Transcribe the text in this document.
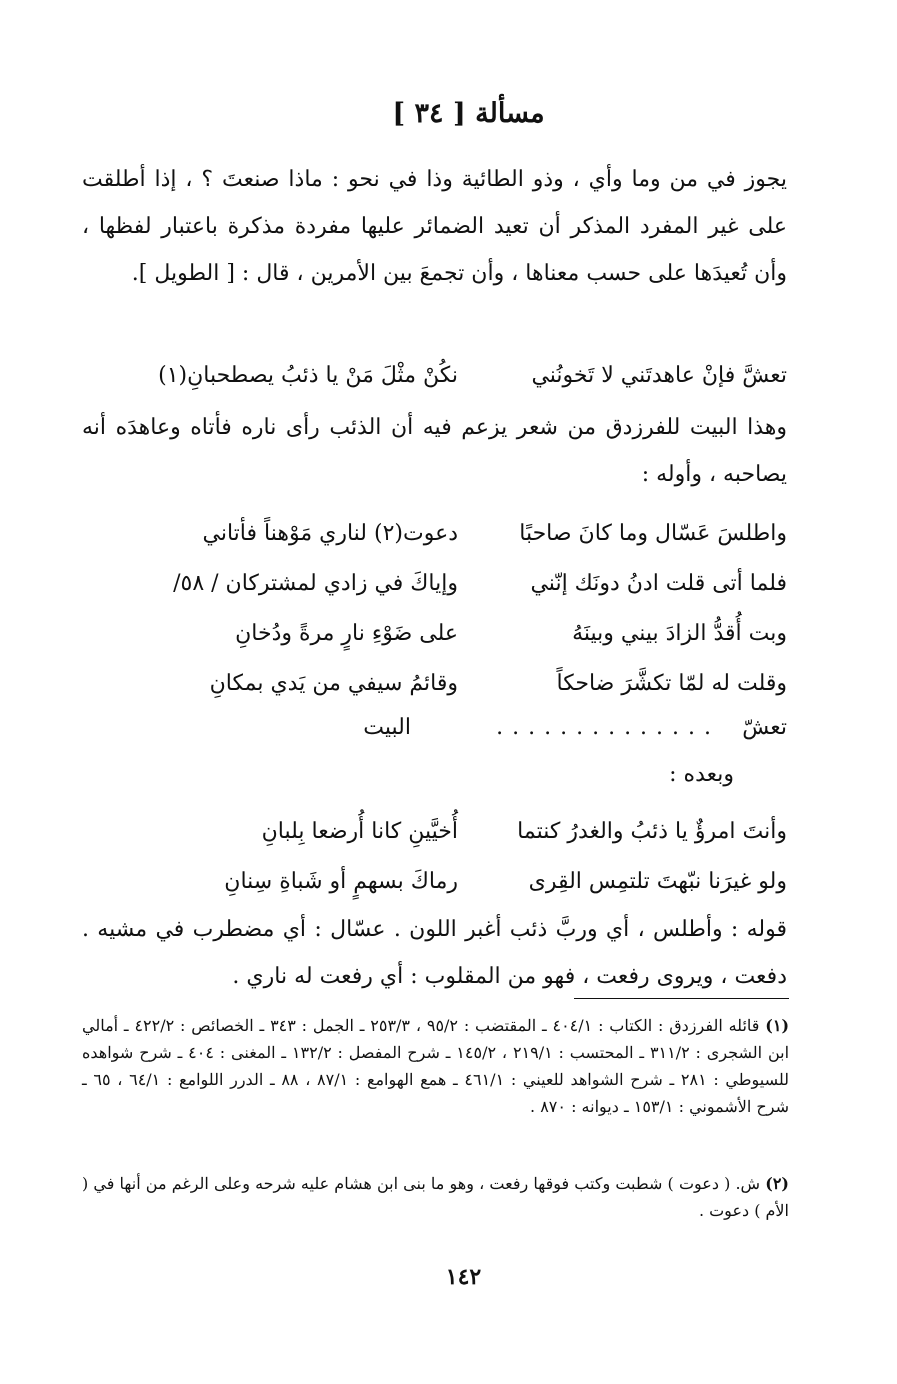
مسألة [ ٣٤ ]
يجوز في من وما وأي ، وذو الطائية وذا في نحو : ماذا صنعتَ ؟ ، إذا أطلقت على غير المفرد المذكر أن تعيد الضمائر عليها مفردة مذكرة باعتبار لفظها ، وأن تُعيدَها على حسب معناها ، وأن تجمعَ بين الأمرين ، قال : [ الطويل ].
تعشَّ فإنْ عاهدتَني لا تَخونُني
نكُنْ مثْلَ مَنْ يا ذئبُ يصطحبانِ(١)
وهذا البيت للفرزدق من شعر يزعم فيه أن الذئب رأى ناره فأتاه وعاهدَه أنه يصاحبه ، وأوله :
واطلسَ عَسّال وما كانَ صاحبًا
دعوت(٢) لناري مَوْهناً فأتاني
فلما أتى قلت ادنُ دونَك إنّني
وإياكَ في زادي لمشتركان / ٥٨/
وبت أُقدُّ الزادَ بيني وبينَهُ
على ضَوْءِ نارٍ مرةً ودُخانِ
وقلت له لمّا تكشَّرَ ضاحكاً
وقائمُ سيفي من يَدي بمكانِ
تعشّ
. . . . . . . . . . . . . .
البيت
وبعده :
وأنتَ امرؤٌ يا ذئبُ والغدرُ كنتما
أُخيَّينِ كانا أُرضعا بِلبانِ
ولو غيرَنا نبّهتَ تلتمِس القِرى
رماكَ بسهمٍ أو شَباةِ سِنانِ
قوله : وأطلس ، أي وربَّ ذئب أغبر اللون . عسّال : أي مضطرب في مشيه . دفعت ، ويروى رفعت ، فهو من المقلوب : أي رفعت له ناري .
(١) قائله الفرزدق : الكتاب : ٤٠٤/١ ـ المقتضب : ٩٥/٢ ، ٢٥٣/٣ ـ الجمل : ٣٤٣ ـ الخصائص : ٤٢٢/٢ ـ أمالي ابن الشجرى : ٣١١/٢ ـ المحتسب : ٢١٩/١ ، ١٤٥/٢ ـ شرح المفصل : ١٣٢/٢ ـ المغنى : ٤٠٤ ـ شرح شواهده للسيوطي : ٢٨١ ـ شرح الشواهد للعيني : ٤٦١/١ ـ همع الهوامع : ٨٧/١ ، ٨٨ ـ الدرر اللوامع : ٦٤/١ ، ٦٥ ـ شرح الأشموني : ١٥٣/١ ـ ديوانه : ٨٧٠ .
(٢) ش. ( دعوت ) شطبت وكتب فوقها رفعت ، وهو ما بنى ابن هشام عليه شرحه وعلى الرغم من أنها في ( الأم ) دعوت .
١٤٢
